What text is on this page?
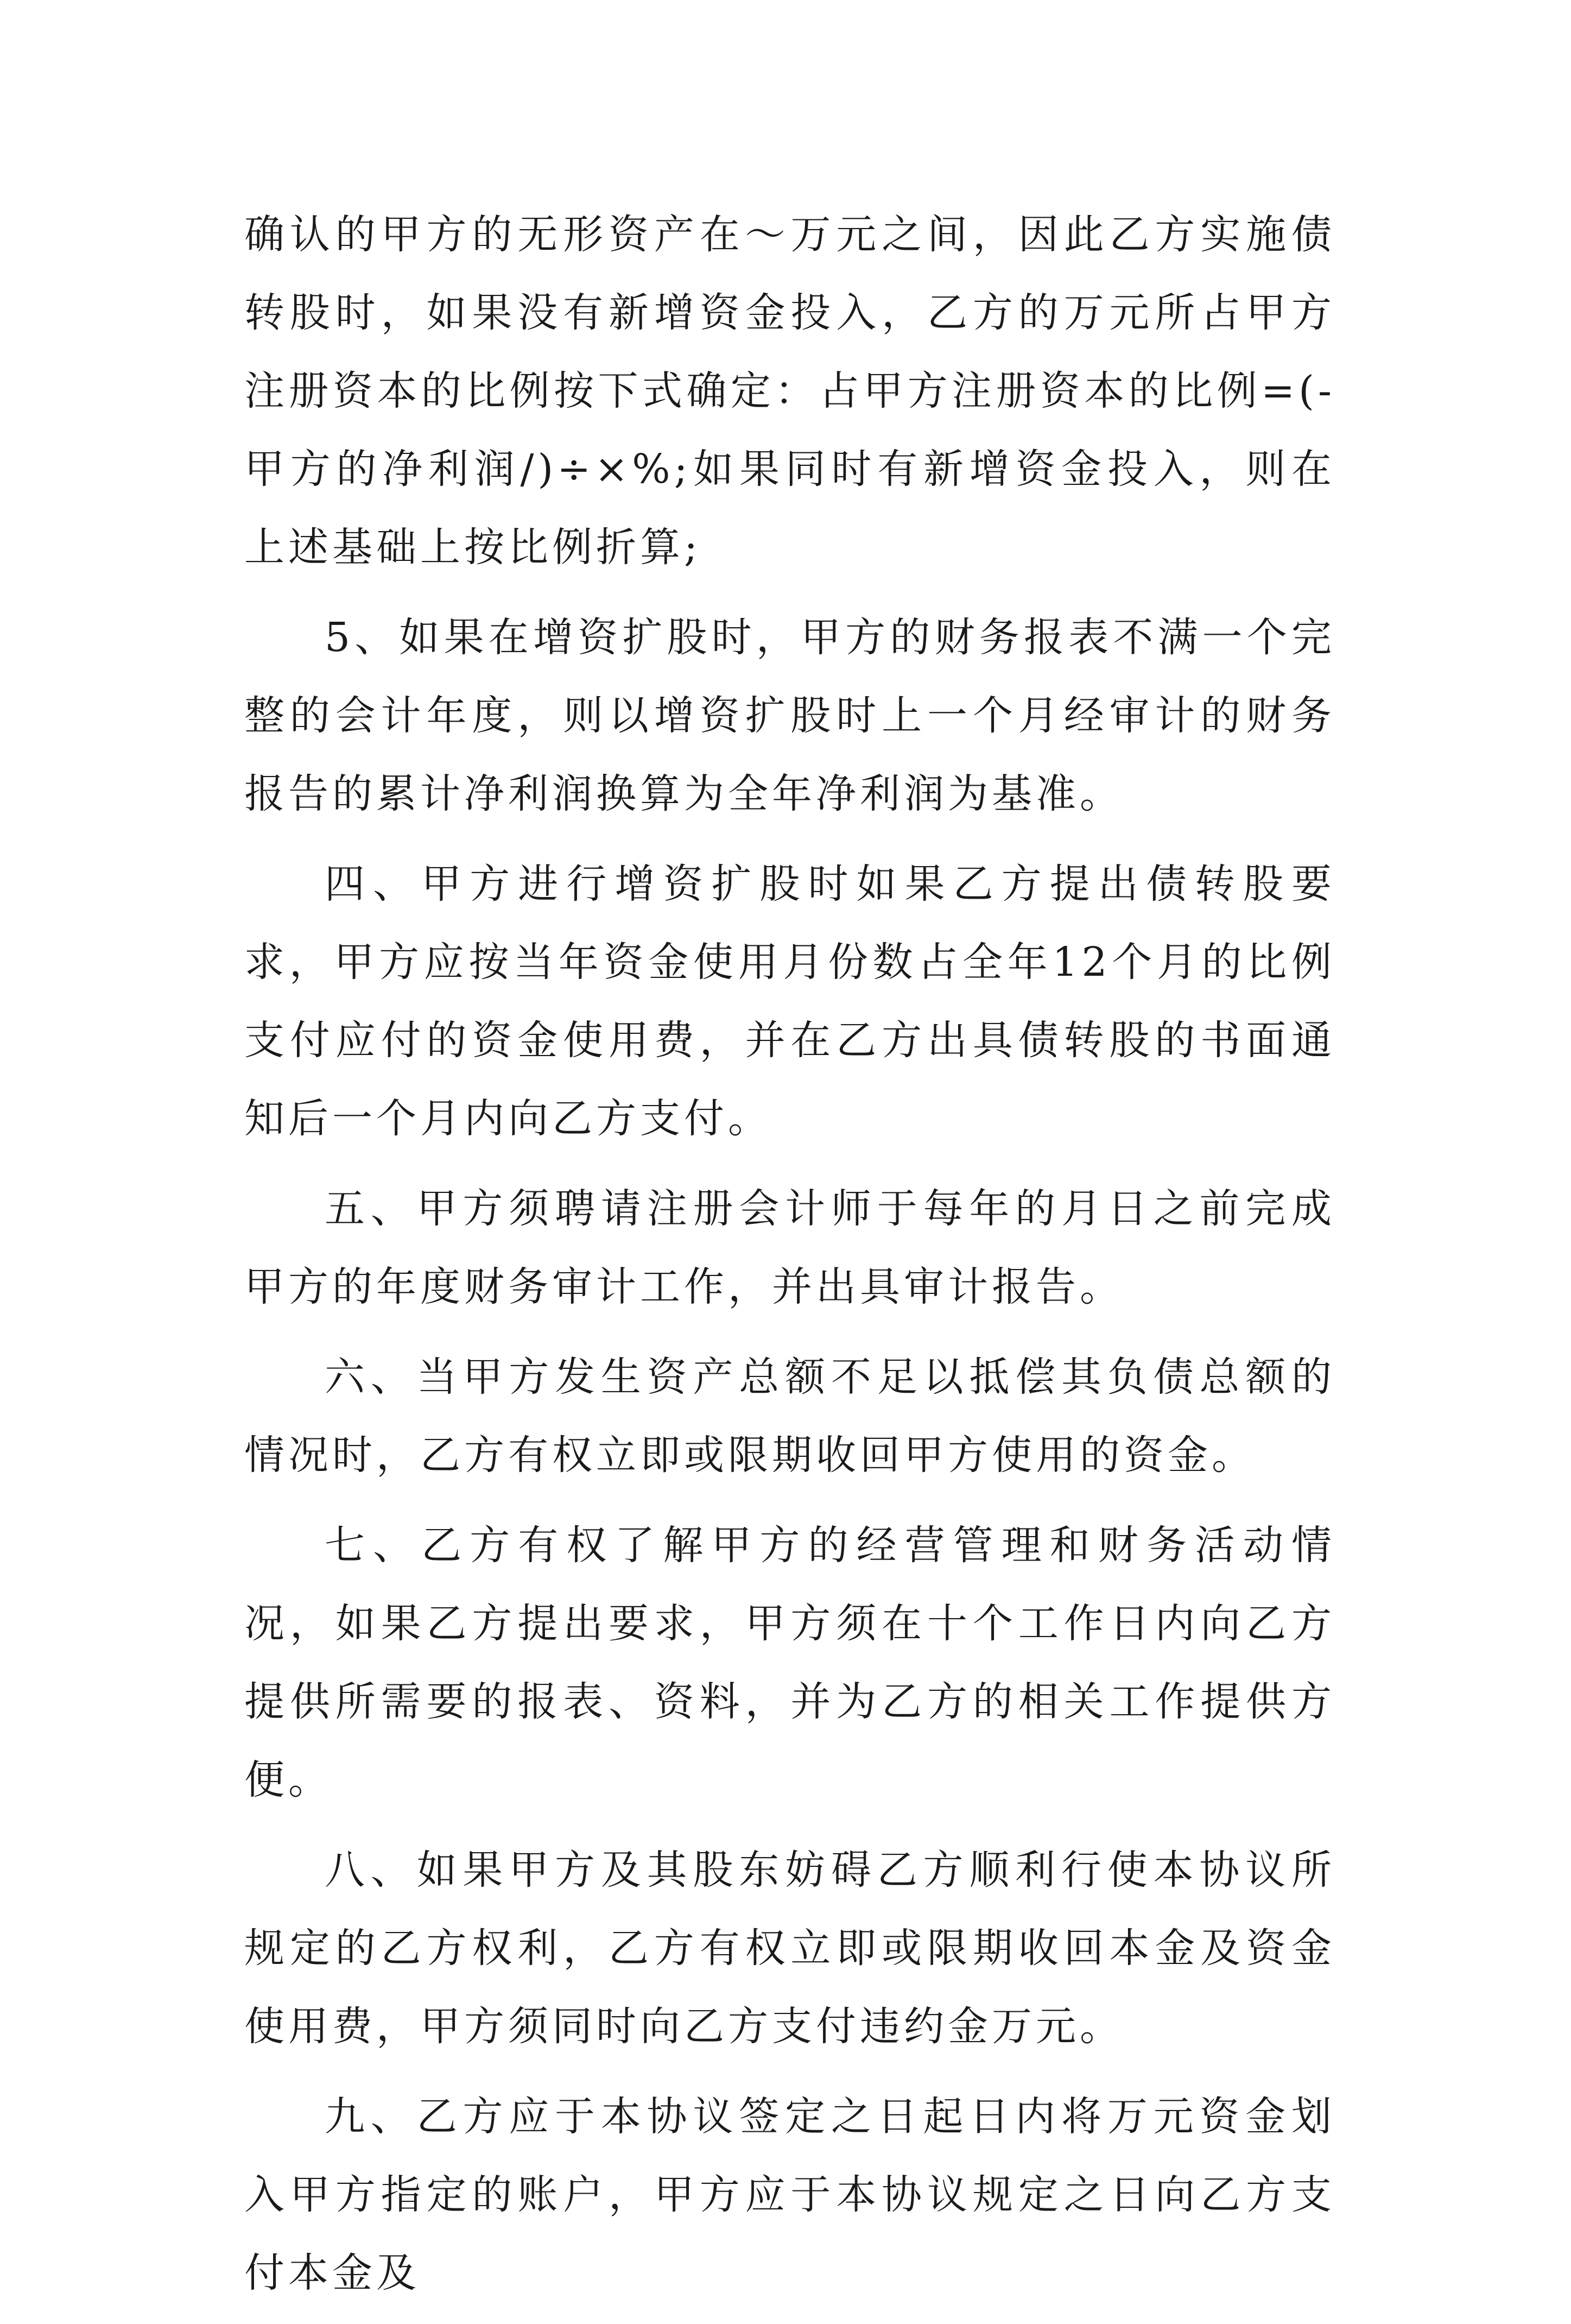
确认的甲方的无形资产在～万元之间，因此乙方实施债转股时，如果没有新增资金投入，乙方的万元所占甲方注册资本的比例按下式确定：占甲方注册资本的比例=(-甲方的净利润/)÷×%;如果同时有新增资金投入，则在上述基础上按比例折算;

5、如果在增资扩股时，甲方的财务报表不满一个完整的会计年度，则以增资扩股时上一个月经审计的财务报告的累计净利润换算为全年净利润为基准。

四、甲方进行增资扩股时如果乙方提出债转股要求，甲方应按当年资金使用月份数占全年12个月的比例支付应付的资金使用费，并在乙方出具债转股的书面通知后一个月内向乙方支付。

五、甲方须聘请注册会计师于每年的月日之前完成甲方的年度财务审计工作，并出具审计报告。

六、当甲方发生资产总额不足以抵偿其负债总额的情况时，乙方有权立即或限期收回甲方使用的资金。

七、乙方有权了解甲方的经营管理和财务活动情况，如果乙方提出要求，甲方须在十个工作日内向乙方提供所需要的报表、资料，并为乙方的相关工作提供方便。

八、如果甲方及其股东妨碍乙方顺利行使本协议所规定的乙方权利，乙方有权立即或限期收回本金及资金使用费，甲方须同时向乙方支付违约金万元。

九、乙方应于本协议签定之日起日内将万元资金划入甲方指定的账户，甲方应于本协议规定之日向乙方支付本金及
